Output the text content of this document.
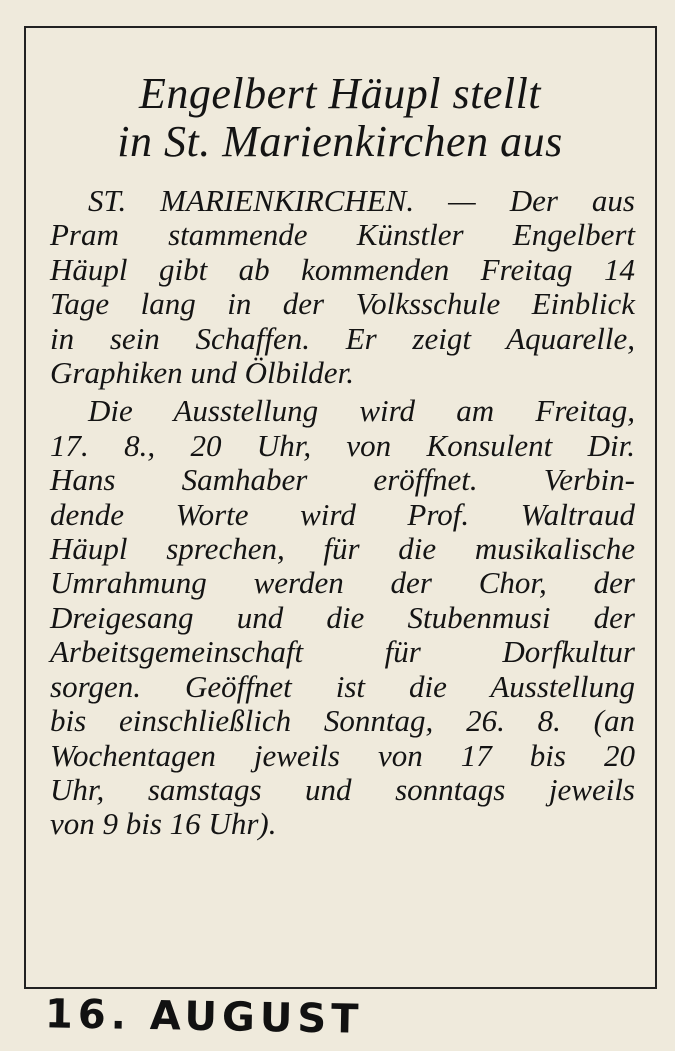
Engelbert Häupl stellt
in St. Marienkirchen aus
ST. MARIENKIRCHEN. — Der aus
Pram stammende Künstler Engelbert
Häupl gibt ab kommenden Freitag 14
Tage lang in der Volksschule Einblick
in sein Schaffen. Er zeigt Aquarelle,
Graphiken und Ölbilder.
Die Ausstellung wird am Freitag,
17. 8., 20 Uhr, von Konsulent Dir.
Hans Samhaber eröffnet. Verbin-
dende Worte wird Prof. Waltraud
Häupl sprechen, für die musikalische
Umrahmung werden der Chor, der
Dreigesang und die Stubenmusi der
Arbeitsgemeinschaft für Dorfkultur
sorgen. Geöffnet ist die Ausstellung
bis einschließlich Sonntag, 26. 8. (an
Wochentagen jeweils von 17 bis 20
Uhr, samstags und sonntags jeweils
von 9 bis 16 Uhr).
16. AUGUST
